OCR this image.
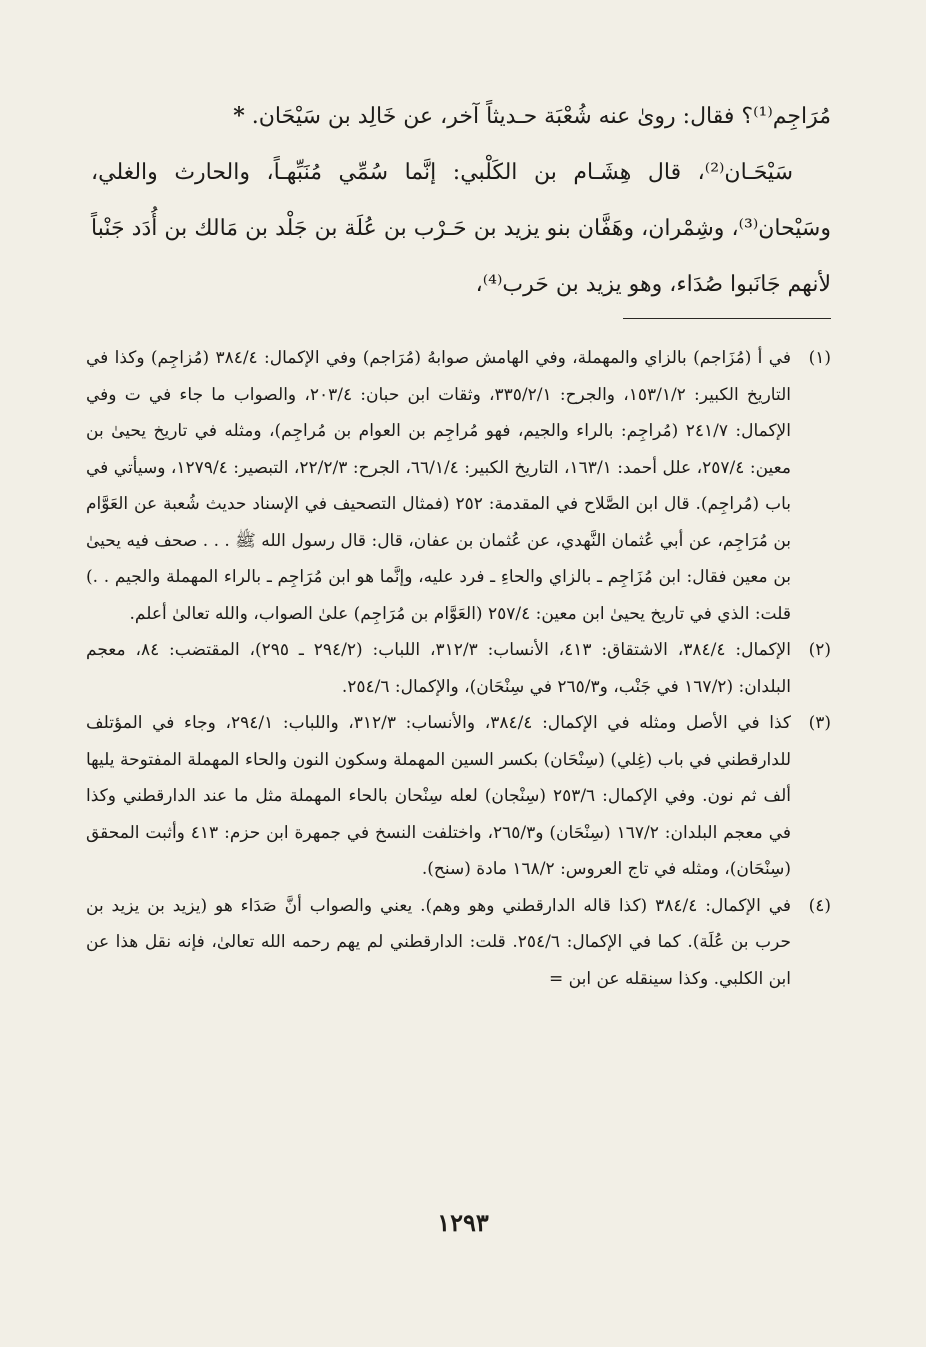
مُرَاجِم⁽¹⁾؟ فقال: روىٰ عنه شُعْبَة حـديثاً آخر، عن خَالِد بن سَيْحَان. *

سَيْحَـان⁽²⁾، قال هِشَـام بن الكَلْبي: إنَّما سُمِّي مُنَبِّهـاً، والحارث والغلي، وسَيْحان⁽³⁾، وشِمْران، وهَفَّان بنو يزيد بن حَـرْب بن عُلَة بن جَلْد بن مَالك بن أُدَد جَنْباً لأنهم جَانَبوا صُدَاء، وهو يزيد بن حَرب⁽⁴⁾،

(١)
في أ (مُزَاجم) بالزاي والمهملة، وفي الهامش صوابهُ (مُرَاجم) وفي الإكمال: ٣٨٤/٤ (مُزاجِم) وكذا في التاريخ الكبير: ١٥٣/١/٢، والجرح: ٣٣٥/٢/١، وثقات ابن حبان: ٢٠٣/٤، والصواب ما جاء في ت وفي الإكمال: ٢٤١/٧ (مُراجِم: بالراء والجيم، فهو مُراجِم بن العوام بن مُراجِم)، ومثله في تاريخ يحيىٰ بن معين: ٢٥٧/٤، علل أحمد: ١٦٣/١، التاريخ الكبير: ٦٦/١/٤، الجرح: ٢٢/٢/٣، التبصير: ١٢٧٩/٤، وسيأتي في باب (مُراجِم). قال ابن الصَّلاح في المقدمة: ٢٥٢ (فمثال التصحيف في الإسناد حديث شُعبة عن العَوَّام بن مُرَاجِم، عن أبي عُثمان النَّهدي، عن عُثمان بن عفان، قال: قال رسول الله ﷺ . . . صحف فيه يحيىٰ بن معين فقال: ابن مُزَاجِم ـ بالزاي والحاءِ ـ فرد عليه، وإنَّما هو ابن مُرَاجِم ـ بالراء المهملة والجيم . .) قلت: الذي في تاريخ يحيىٰ ابن معين: ٢٥٧/٤ (العَوَّام بن مُرَاجِم) علىٰ الصواب، والله تعالىٰ أعلم.

(٢)
الإكمال: ٣٨٤/٤، الاشتقاق: ٤١٣، الأنساب: ٣١٢/٣، اللباب: (٢٩٤/٢ ـ ٢٩٥)، المقتضب: ٨٤، معجم البلدان: (١٦٧/٢ في جَنْب، و٢٦٥/٣ في سِنْحَان)، والإكمال: ٢٥٤/٦.

(٣)
كذا في الأصل ومثله في الإكمال: ٣٨٤/٤، والأنساب: ٣١٢/٣، واللباب: ٢٩٤/١، وجاء في المؤتلف للدارقطني في باب (غِلي) (سِنْحَان) بكسر السين المهملة وسكون النون والحاء المهملة المفتوحة يليها ألف ثم نون. وفي الإكمال: ٢٥٣/٦ (سِنْجان) لعله سِنْحان بالحاء المهملة مثل ما عند الدارقطني وكذا في معجم البلدان: ١٦٧/٢ (سِنْحَان) و٢٦٥/٣، واختلفت النسخ في جمهرة ابن حزم: ٤١٣ وأثبت المحقق (سِنْحَان)، ومثله في تاج العروس: ١٦٨/٢ مادة (سنح).

(٤)
في الإكمال: ٣٨٤/٤ (كذا قاله الدارقطني وهو وهم). يعني والصواب أنَّ صَدَاء هو (يزيد بن يزيد بن حرب بن عُلَة). كما في الإكمال: ٢٥٤/٦. قلت: الدارقطني لم يهم رحمه الله تعالىٰ، فإنه نقل هذا عن ابن الكلبي. وكذا سينقله عن ابن =

١٢٩٣
